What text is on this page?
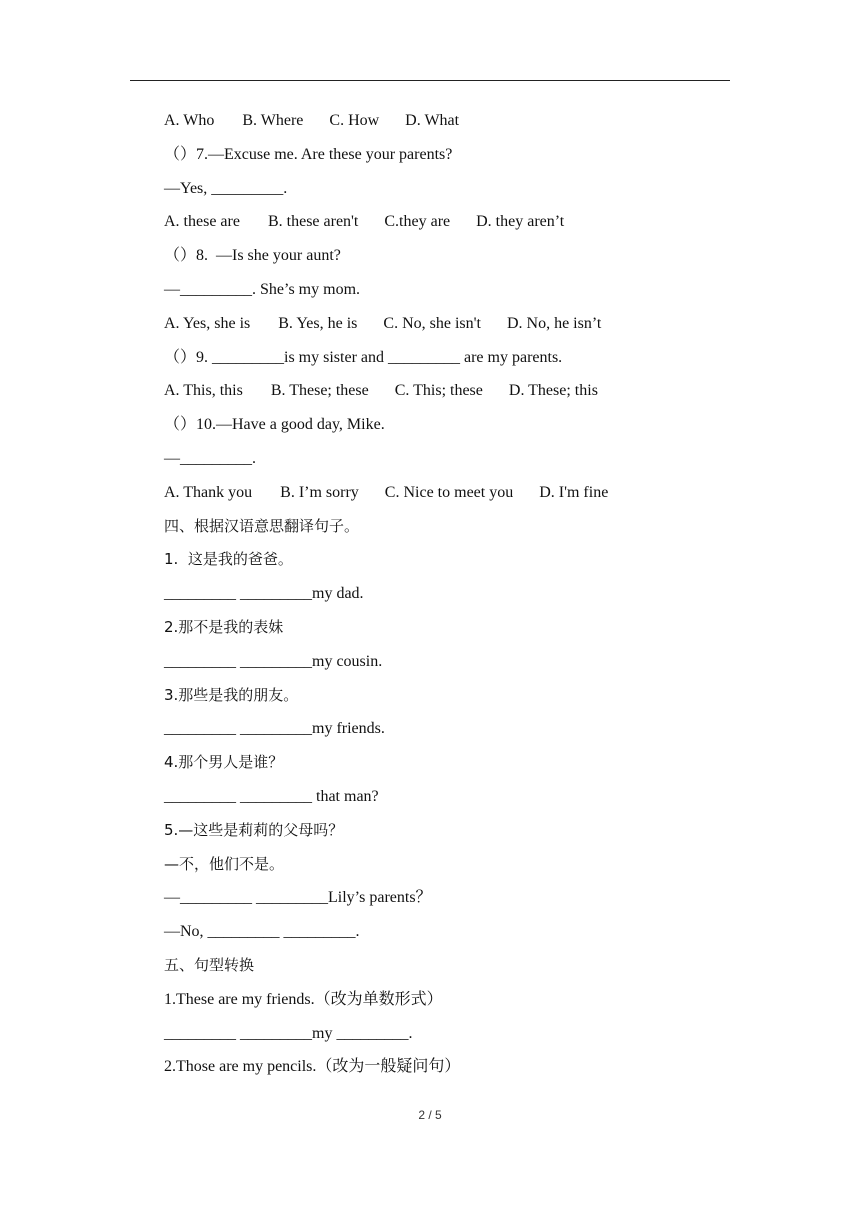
A. Who B. Where C. How D. What
（）7.—Excuse me. Are these your parents?
—Yes, _________.
A. these are B. these aren't C.they are D. they aren’t
（）8.  —Is she your aunt?
—_________. She’s my mom.
A. Yes, she is B. Yes, he is C. No, she isn't D. No, he isn’t
（）9. _________is my sister and _________ are my parents.
A. This, this B. These; these C. This; these D. These; this
（）10.—Have a good day, Mike.
—_________.
A. Thank you B. I’m sorry C. Nice to meet you D. I'm fine
四、根据汉语意思翻译句子。
1.  这是我的爸爸。
_________ _________my dad.
2.那不是我的表妹
_________ _________my cousin.
3.那些是我的朋友。
_________ _________my friends.
4.那个男人是谁？
_________ _________ that man?
5.—这些是莉莉的父母吗？
—不，他们不是。
—_________ _________Lily’s parents？
—No, _________ _________.
五、句型转换
1.These are my friends.（改为单数形式）
_________ _________my _________.
2.Those are my pencils.（改为一般疑问句）
2 / 5
